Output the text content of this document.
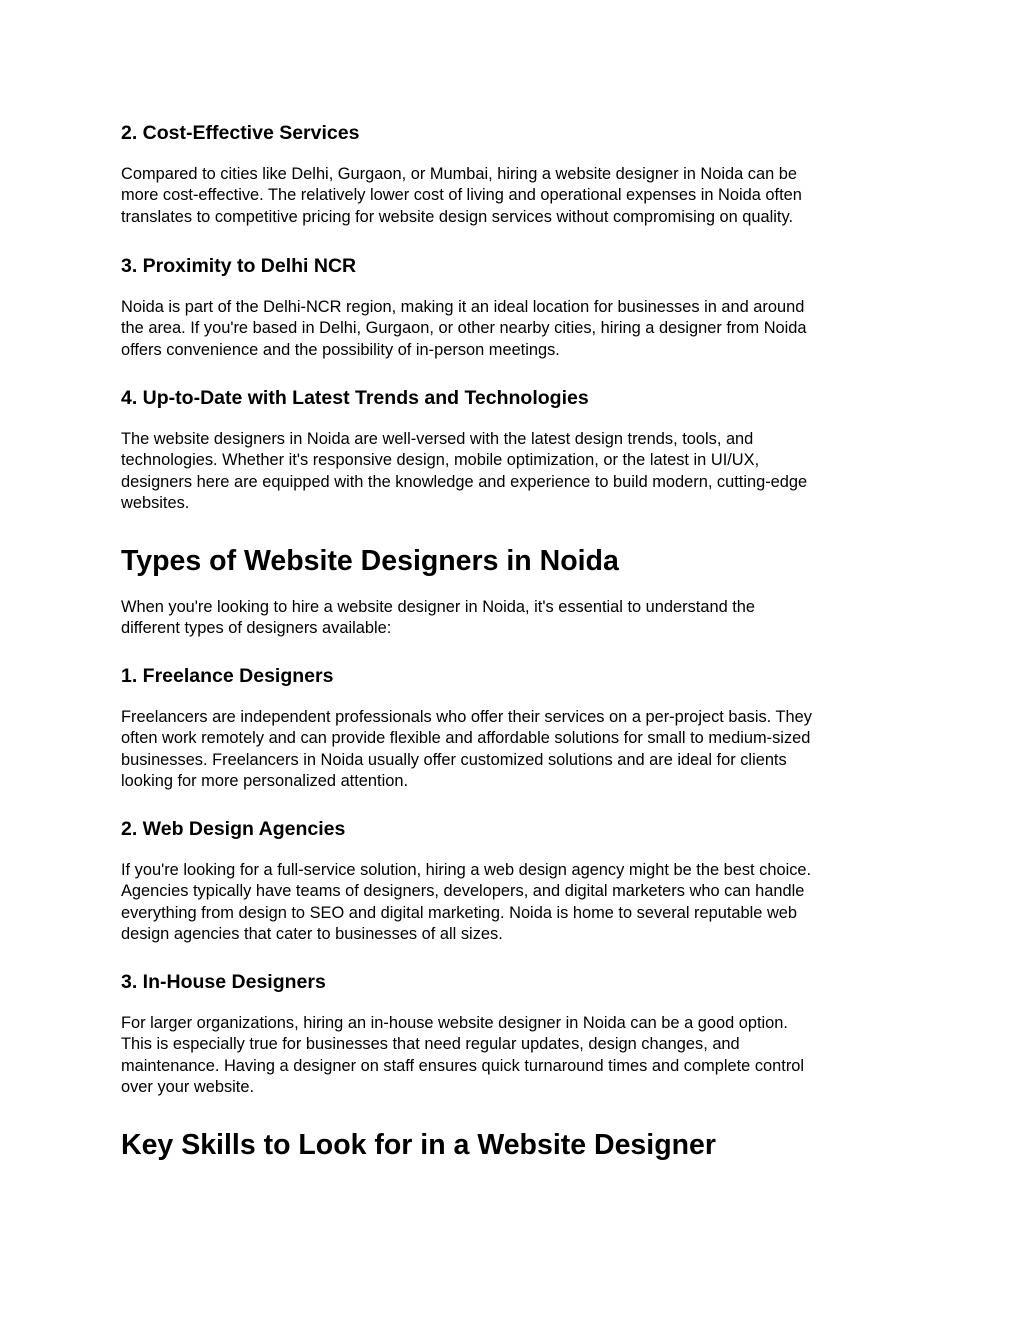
2. Cost-Effective Services

Compared to cities like Delhi, Gurgaon, or Mumbai, hiring a website designer in Noida can be
more cost-effective. The relatively lower cost of living and operational expenses in Noida often
translates to competitive pricing for website design services without compromising on quality.

3. Proximity to Delhi NCR

Noida is part of the Delhi-NCR region, making it an ideal location for businesses in and around
the area. If you're based in Delhi, Gurgaon, or other nearby cities, hiring a designer from Noida
offers convenience and the possibility of in-person meetings.

4. Up-to-Date with Latest Trends and Technologies

The website designers in Noida are well-versed with the latest design trends, tools, and
technologies. Whether it's responsive design, mobile optimization, or the latest in UI/UX,
designers here are equipped with the knowledge and experience to build modern, cutting-edge
websites.

Types of Website Designers in Noida

When you're looking to hire a website designer in Noida, it's essential to understand the
different types of designers available:

1. Freelance Designers

Freelancers are independent professionals who offer their services on a per-project basis. They
often work remotely and can provide flexible and affordable solutions for small to medium-sized
businesses. Freelancers in Noida usually offer customized solutions and are ideal for clients
looking for more personalized attention.

2. Web Design Agencies

If you're looking for a full-service solution, hiring a web design agency might be the best choice.
Agencies typically have teams of designers, developers, and digital marketers who can handle
everything from design to SEO and digital marketing. Noida is home to several reputable web
design agencies that cater to businesses of all sizes.

3. In-House Designers

For larger organizations, hiring an in-house website designer in Noida can be a good option.
This is especially true for businesses that need regular updates, design changes, and
maintenance. Having a designer on staff ensures quick turnaround times and complete control
over your website.

Key Skills to Look for in a Website Designer
